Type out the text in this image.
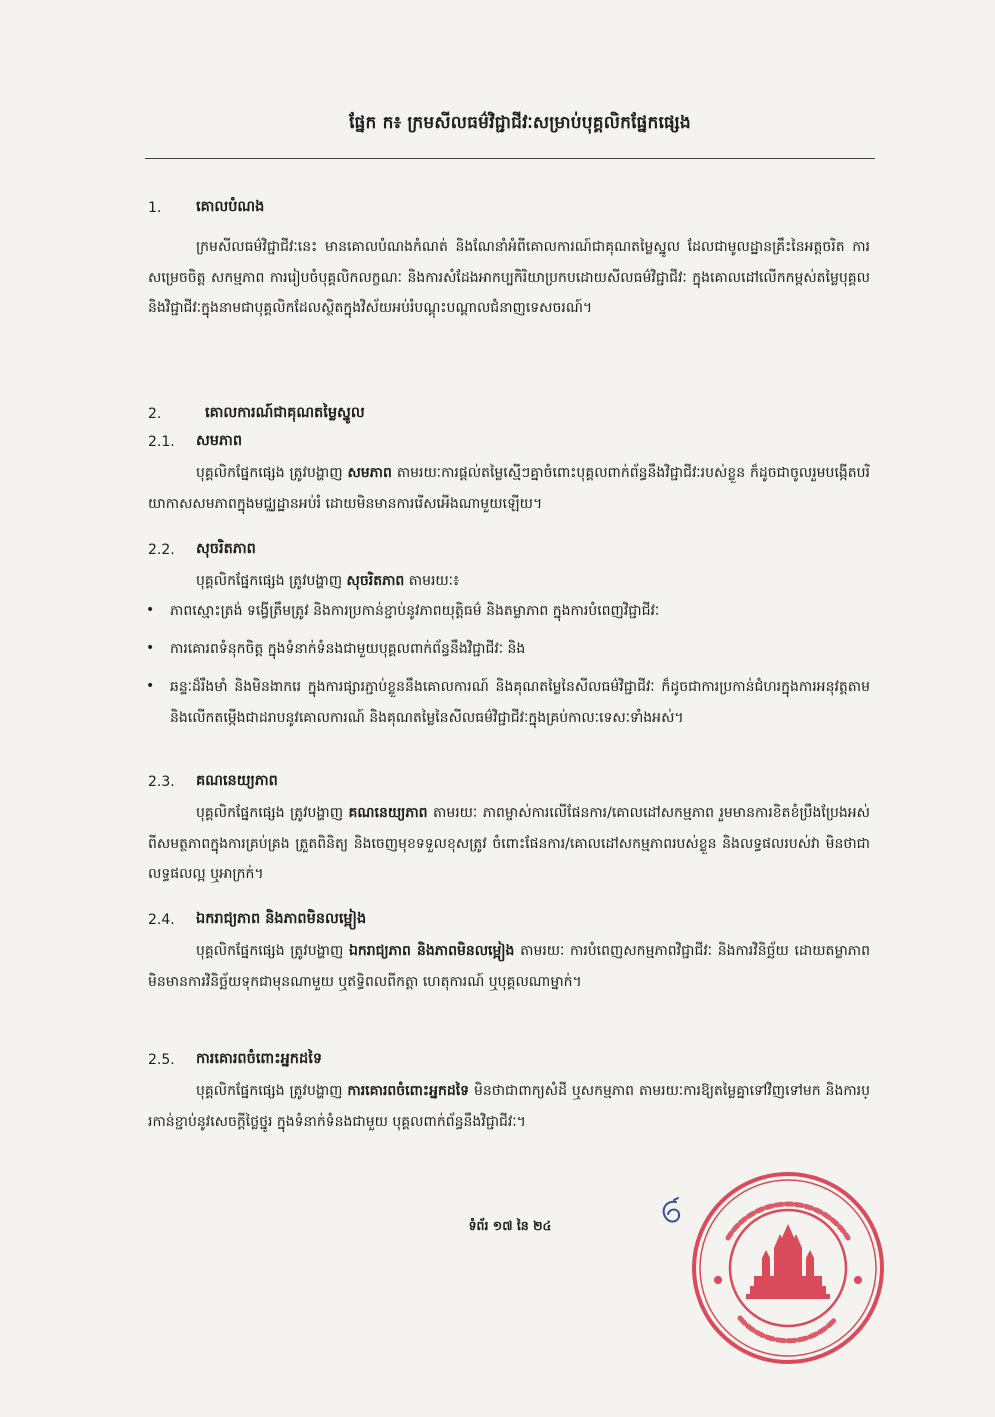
ផ្នែក ក៖ ក្រមសីលធម៌វិជ្ជាជីវៈសម្រាប់បុគ្គលិកផ្នែកផ្សេង
1. គោលបំណង
ក្រមសីលធម៌វិជ្ជាជីវៈនេះ មានគោលបំណងកំណត់ និងណែនាំអំពីគោលការណ៍ជាគុណតម្លៃស្នូល ដែលជាមូលដ្ឋានគ្រឹះនៃអត្តចរិត ការសម្រេចចិត្ត សកម្មភាព ការរៀបចំបុគ្គលិកលក្ខណៈ និងការសំដែងអាកប្បកិរិយាប្រកបដោយសីលធម៌វិជ្ជាជីវៈ ក្នុងគោលដៅលើកកម្ពស់តម្លៃបុគ្គល និងវិជ្ជាជីវៈក្នុងនាមជាបុគ្គលិកដែលស្ថិតក្នុងវិស័យអប់រំបណ្តុះបណ្តាលជំនាញទេសចរណ៍។
2.	គោលការណ៍ជាគុណតម្លៃស្នូល
2.1. សមភាព
បុគ្គលិកផ្នែកផ្សេង ត្រូវបង្ហាញ សមភាព តាមរយៈការផ្តល់តម្លៃស្មើៗគ្នាចំពោះបុគ្គលពាក់ព័ន្ធនឹងវិជ្ជាជីវៈរបស់ខ្លួន ក៏ដូចជាចូលរួមបង្កើតបរិយាកាសសមភាពក្នុងមជ្ឈដ្ឋានអប់រំ ដោយមិនមានការរើសអើងណាមួយឡើយ។
2.2. សុចរិតភាព
បុគ្គលិកផ្នែកផ្សេង ត្រូវបង្ហាញ សុចរិតភាព តាមរយៈ៖
• ភាពស្មោះត្រង់ ទង្វើត្រឹមត្រូវ និងការប្រកាន់ខ្ជាប់នូវភាពយុត្តិធម៌ និងតម្លាភាព ក្នុងការបំពេញវិជ្ជាជីវៈ
• ការគោរពទំនុកចិត្ត ក្នុងទំនាក់ទំនងជាមួយបុគ្គលពាក់ព័ន្ធនឹងវិជ្ជាជីវៈ និង
• ឆន្ទៈដ៏រឹងមាំ និងមិនងាករេ ក្នុងការផ្សារភ្ជាប់ខ្លួននឹងគោលការណ៍ និងគុណតម្លៃនៃសីលធម៌វិជ្ជាជីវៈ ក៏ដូចជាការប្រកាន់ជំហរក្នុងការអនុវត្តតាម និងលើកតម្កើងជាដរាបនូវគោលការណ៍ និងគុណតម្លៃនៃសីលធម៌វិជ្ជាជីវៈក្នុងគ្រប់កាលៈទេសៈទាំងអស់។
2.3. គណនេយ្យភាព
បុគ្គលិកផ្នែកផ្សេង ត្រូវបង្ហាញ គណនេយ្យភាព តាមរយៈ ភាពម្ចាស់ការលើផែនការ/គោលដៅសកម្មភាព រួមមានការខិតខំប្រឹងប្រែងអស់ពីសមត្ថភាពក្នុងការគ្រប់គ្រង ត្រួតពិនិត្យ និងចេញមុខទទួលខុសត្រូវ ចំពោះផែនការ/គោលដៅសកម្មភាពរបស់ខ្លួន និងលទ្ធផលរបស់វា មិនថាជាលទ្ធផលល្អ ឬអាក្រក់។
2.4. ឯករាជ្យភាព និងភាពមិនលម្អៀង
បុគ្គលិកផ្នែកផ្សេង ត្រូវបង្ហាញ ឯករាជ្យភាព និងភាពមិនលម្អៀង តាមរយៈ ការបំពេញសកម្មភាពវិជ្ជាជីវៈ និងការវិនិច្ឆ័យ ដោយតម្លាភាព មិនមានការវិនិច្ឆ័យទុកជាមុនណាមួយ ឬឥទ្ធិពលពីកត្តា ហេតុការណ៍ ឬបុគ្គលណាម្នាក់។
2.5. ការគោរពចំពោះអ្នកដទៃ
បុគ្គលិកផ្នែកផ្សេង ត្រូវបង្ហាញ ការគោរពចំពោះអ្នកដទៃ មិនថាជាពាក្យសំដី ឬសកម្មភាព តាមរយៈការឱ្យតម្លៃគ្នាទៅវិញទៅមក និងការប្រកាន់ខ្ជាប់នូវសេចក្តីថ្លៃថ្នូរ ក្នុងទំនាក់ទំនងជាមួយ បុគ្គលពាក់ព័ន្ធនឹងវិជ្ជាជីវៈ។
ទំព័រ ១៧ នៃ ២៤
